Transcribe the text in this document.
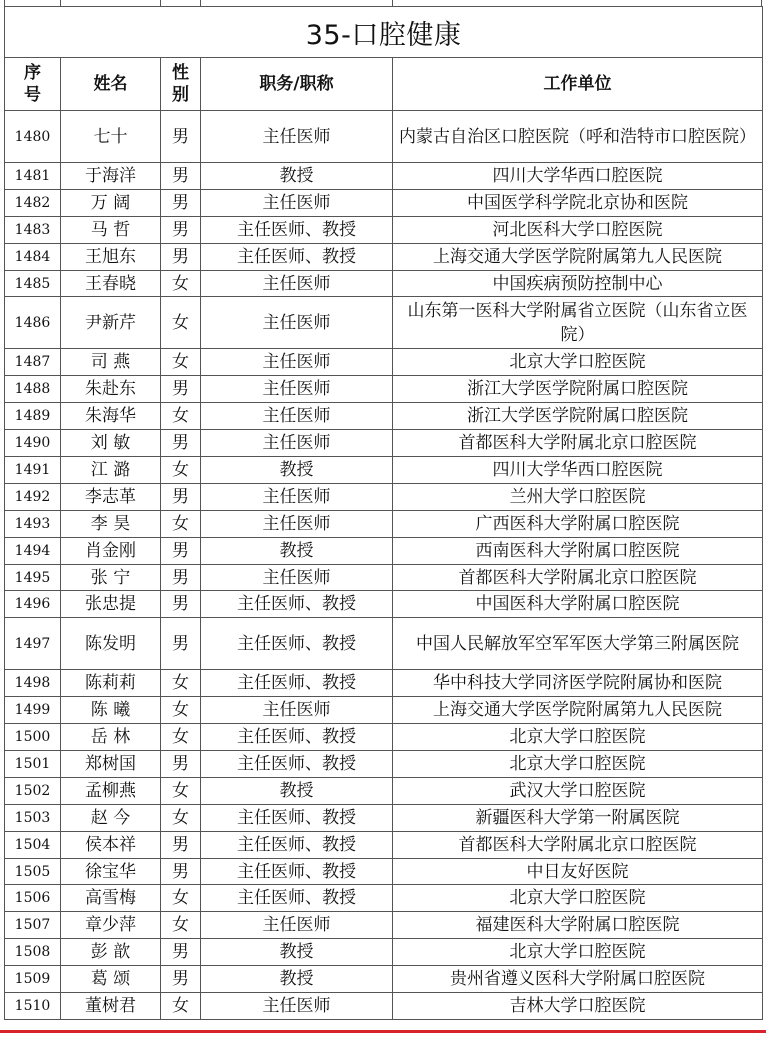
35-口腔健康				
序号	姓名	性别	职务/职称	工作单位
1480	七十	男	主任医师	内蒙古自治区口腔医院（呼和浩特市口腔医院）
1481	于海洋	男	教授	四川大学华西口腔医院
1482	万 阔	男	主任医师	中国医学科学院北京协和医院
1483	马 哲	男	主任医师、教授	河北医科大学口腔医院
1484	王旭东	男	主任医师、教授	上海交通大学医学院附属第九人民医院
1485	王春晓	女	主任医师	中国疾病预防控制中心
1486	尹新芹	女	主任医师	山东第一医科大学附属省立医院（山东省立医院）
1487	司 燕	女	主任医师	北京大学口腔医院
1488	朱赴东	男	主任医师	浙江大学医学院附属口腔医院
1489	朱海华	女	主任医师	浙江大学医学院附属口腔医院
1490	刘 敏	男	主任医师	首都医科大学附属北京口腔医院
1491	江 潞	女	教授	四川大学华西口腔医院
1492	李志革	男	主任医师	兰州大学口腔医院
1493	李 昊	女	主任医师	广西医科大学附属口腔医院
1494	肖金刚	男	教授	西南医科大学附属口腔医院
1495	张 宁	男	主任医师	首都医科大学附属北京口腔医院
1496	张忠提	男	主任医师、教授	中国医科大学附属口腔医院
1497	陈发明	男	主任医师、教授	中国人民解放军空军军医大学第三附属医院
1498	陈莉莉	女	主任医师、教授	华中科技大学同济医学院附属协和医院
1499	陈 曦	女	主任医师	上海交通大学医学院附属第九人民医院
1500	岳 林	女	主任医师、教授	北京大学口腔医院
1501	郑树国	男	主任医师、教授	北京大学口腔医院
1502	孟柳燕	女	教授	武汉大学口腔医院
1503	赵 今	女	主任医师、教授	新疆医科大学第一附属医院
1504	侯本祥	男	主任医师、教授	首都医科大学附属北京口腔医院
1505	徐宝华	男	主任医师、教授	中日友好医院
1506	高雪梅	女	主任医师、教授	北京大学口腔医院
1507	章少萍	女	主任医师	福建医科大学附属口腔医院
1508	彭 歆	男	教授	北京大学口腔医院
1509	葛 颂	男	教授	贵州省遵义医科大学附属口腔医院
1510	董树君	女	主任医师	吉林大学口腔医院
